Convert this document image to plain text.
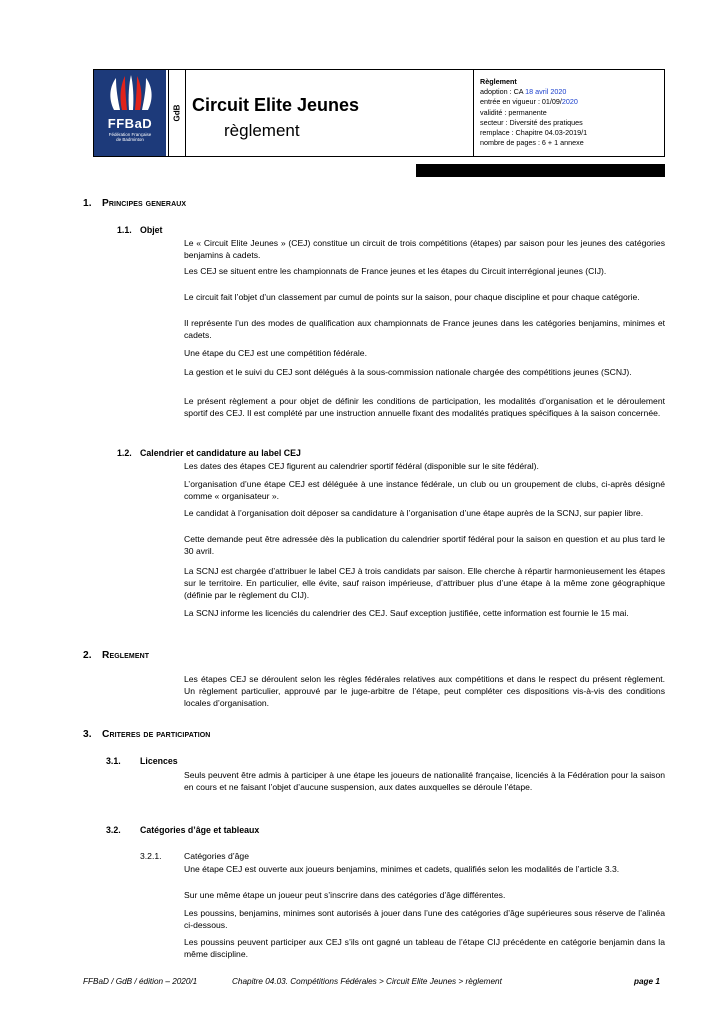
FFBaD
Fédération Française
de Badminton
GdB Circuit Elite Jeunes
règlement
Règlement
adoption : CA 18 avril 2020
entrée en vigueur : 01/09/2020
validité : permanente
secteur : Diversité des pratiques
remplace : Chapitre 04.03-2019/1
nombre de pages : 6 + 1 annexe
1. Principes generaux
1.1. Objet
Le « Circuit Elite Jeunes » (CEJ) constitue un circuit de trois compétitions (étapes) par saison pour les jeunes des catégories benjamins à cadets.
Les CEJ se situent entre les championnats de France jeunes et les étapes du Circuit interrégional jeunes (CIJ).
Le circuit fait l’objet d’un classement par cumul de points sur la saison, pour chaque discipline et pour chaque catégorie.
Il représente l’un des modes de qualification aux championnats de France jeunes dans les catégories benjamins, minimes et cadets.
Une étape du CEJ est une compétition fédérale.
La gestion et le suivi du CEJ sont délégués à la sous-commission nationale chargée des compétitions jeunes (SCNJ).
Le présent règlement a pour objet de définir les conditions de participation, les modalités d’organisation et le déroulement sportif des CEJ. Il est complété par une instruction annuelle fixant des modalités pratiques spécifiques à la saison concernée.
1.2. Calendrier et candidature au label CEJ
Les dates des étapes CEJ figurent au calendrier sportif fédéral (disponible sur le site fédéral).
L’organisation d’une étape CEJ est déléguée à une instance fédérale, un club ou un groupement de clubs, ci-après désigné comme « organisateur ».
Le candidat à l’organisation doit déposer sa candidature à l’organisation d’une étape auprès de la SCNJ, sur papier libre.
Cette demande peut être adressée dès la publication du calendrier sportif fédéral pour la saison en question et au plus tard le 30 avril.
La SCNJ est chargée d’attribuer le label CEJ à trois candidats par saison. Elle cherche à répartir harmonieusement les étapes sur le territoire. En particulier, elle évite, sauf raison impérieuse, d’attribuer plus d’une étape à la même zone géographique (définie par le règlement du CIJ).
La SCNJ informe les licenciés du calendrier des CEJ. Sauf exception justifiée, cette information est fournie le 15 mai.
2. Reglement
Les étapes CEJ se déroulent selon les règles fédérales relatives aux compétitions et dans le respect du présent règlement. Un règlement particulier, approuvé par le juge-arbitre de l’étape, peut compléter ces dispositions vis-à-vis des conditions locales d’organisation.
3. Criteres de participation
3.1. Licences
Seuls peuvent être admis à participer à une étape les joueurs de nationalité française, licenciés à la Fédération pour la saison en cours et ne faisant l’objet d’aucune suspension, aux dates auxquelles se déroule l’étape.
3.2. Catégories d’âge et tableaux
3.2.1.	Catégories d’âge
Une étape CEJ est ouverte aux joueurs benjamins, minimes et cadets, qualifiés selon les modalités de l’article 3.3.
Sur une même étape un joueur peut s’inscrire dans des catégories d’âge différentes.
Les poussins, benjamins, minimes sont autorisés à jouer dans l’une des catégories d’âge supérieures sous réserve de l’alinéa ci-dessous.
Les poussins peuvent participer aux CEJ s’ils ont gagné un tableau de l’étape CIJ précédente en catégorie benjamin dans la même discipline.
FFBaD / GdB / édition – 2020/1	Chapitre 04.03. Compétitions Fédérales > Circuit Elite Jeunes > règlement	page 1
